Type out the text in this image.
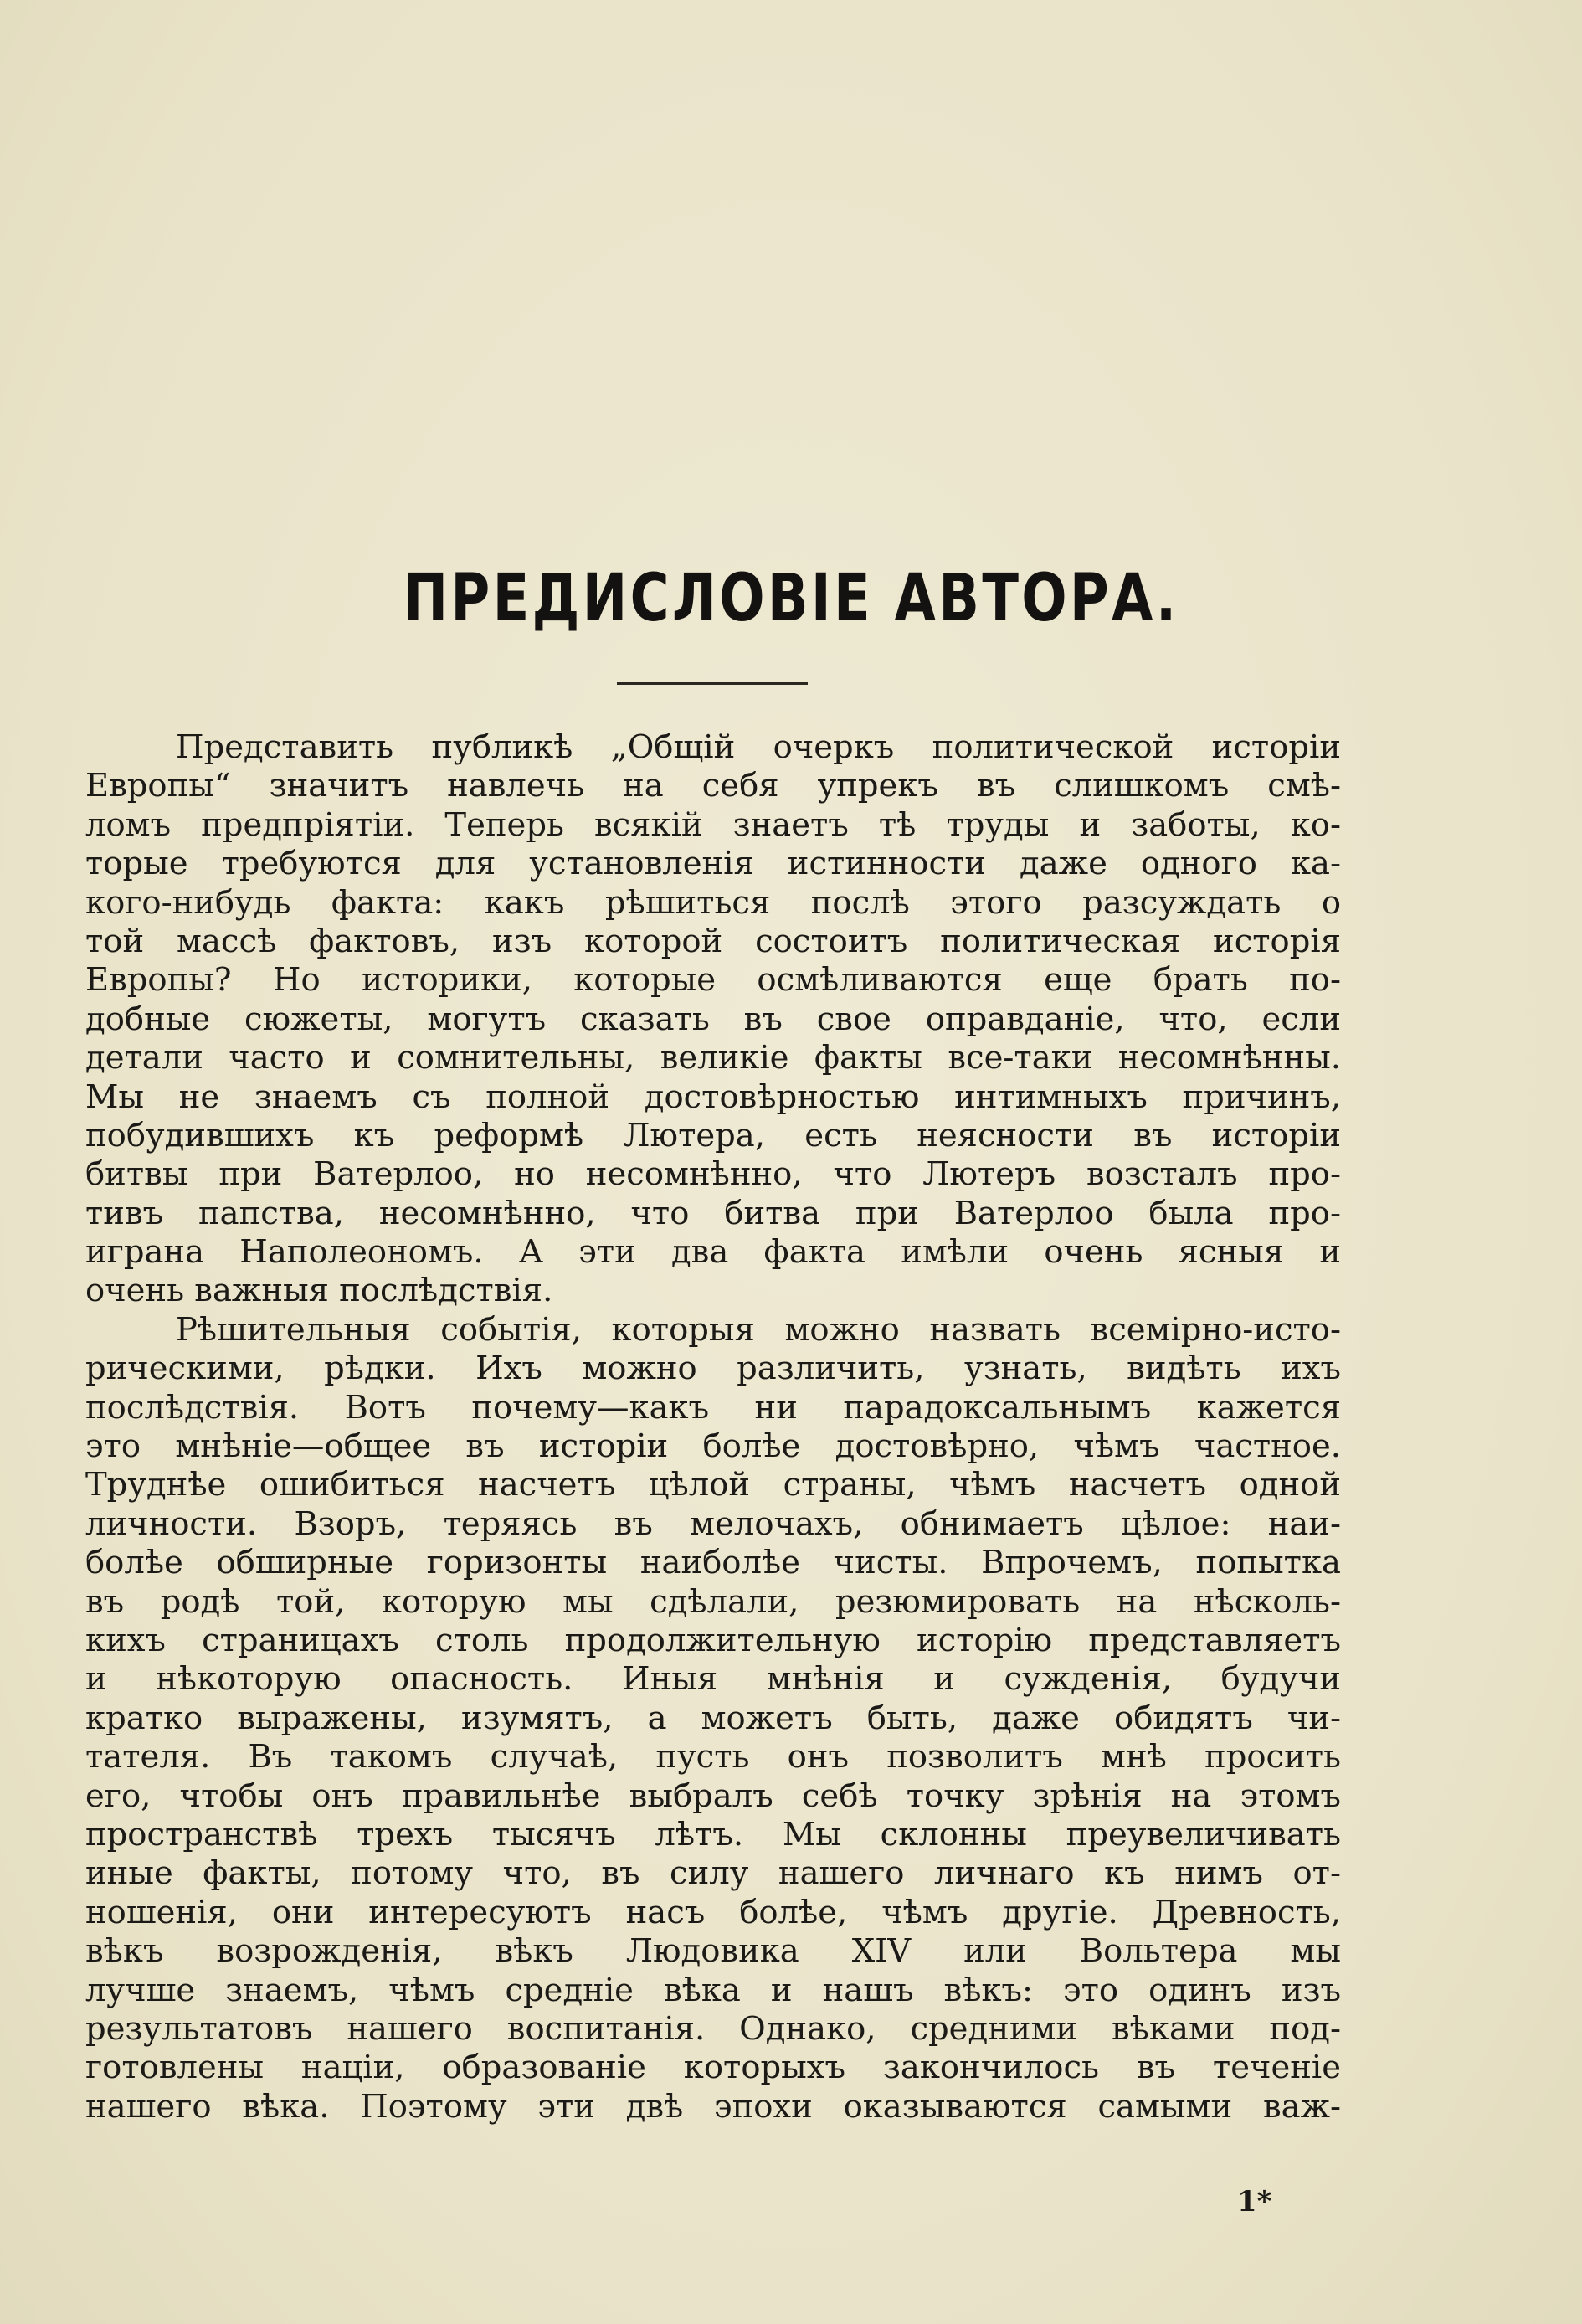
ПРЕДИСЛОВІЕ АВТОРА.
Представить публикѣ „Общій очеркъ политической исторіи
Европы“ значитъ навлечь на себя упрекъ въ слишкомъ смѣ-
ломъ предпріятіи. Теперь всякій знаетъ тѣ труды и заботы, ко-
торые требуются для установленія истинности даже одного ка-
кого-нибудь факта: какъ рѣшиться послѣ этого разсуждать о
той массѣ фактовъ, изъ которой состоитъ политическая исторія
Европы? Но историки, которые осмѣливаются еще брать по-
добные сюжеты, могутъ сказать въ свое оправданіе, что, если
детали часто и сомнительны, великіе факты все-таки несомнѣнны.
Мы не знаемъ съ полной достовѣрностью интимныхъ причинъ,
побудившихъ къ реформѣ Лютера, есть неясности въ исторіи
битвы при Ватерлоо, но несомнѣнно, что Лютеръ возсталъ про-
тивъ папства, несомнѣнно, что битва при Ватерлоо была про-
играна Наполеономъ. А эти два факта имѣли очень ясныя и
очень важныя послѣдствія.
Рѣшительныя событія, которыя можно назвать всемірно-истo-
рическими, рѣдки. Ихъ можно различить, узнать, видѣть ихъ
послѣдствія. Вотъ почему—какъ ни парадоксальнымъ кажется
это мнѣніе—общее въ исторіи болѣе достовѣрно, чѣмъ частное.
Труднѣе ошибиться насчетъ цѣлой страны, чѣмъ насчетъ одной
личности. Взоръ, теряясь въ мелочахъ, обнимаетъ цѣлое: наи-
болѣе обширные горизонты наиболѣе чисты. Впрочемъ, попытка
въ родѣ той, которую мы сдѣлали, резюмировать на нѣсколь-
кихъ страницахъ столь продолжительную исторію представляетъ
и нѣкоторую опасность. Иныя мнѣнія и сужденія, будучи
кратко выражены, изумятъ, а можетъ быть, даже обидятъ чи-
тателя. Въ такомъ случаѣ, пусть онъ позволитъ мнѣ просить
его, чтобы онъ правильнѣе выбралъ себѣ точку зрѣнія на этомъ
пространствѣ трехъ тысячъ лѣтъ. Мы склонны преувеличивать
иные факты, потому что, въ силу нашего личнаго къ нимъ от-
ношенія, они интересуютъ насъ болѣе, чѣмъ другіе. Древность,
вѣкъ возрожденія, вѣкъ Людовика XIV или Вольтера мы
лучше знаемъ, чѣмъ средніе вѣка и нашъ вѣкъ: это одинъ изъ
результатовъ нашего воспитанія. Однако, средними вѣками под-
готовлены націи, образованіе которыхъ закончилось въ теченіе
нашего вѣка. Поэтому эти двѣ эпохи оказываются самыми важ-
1*
